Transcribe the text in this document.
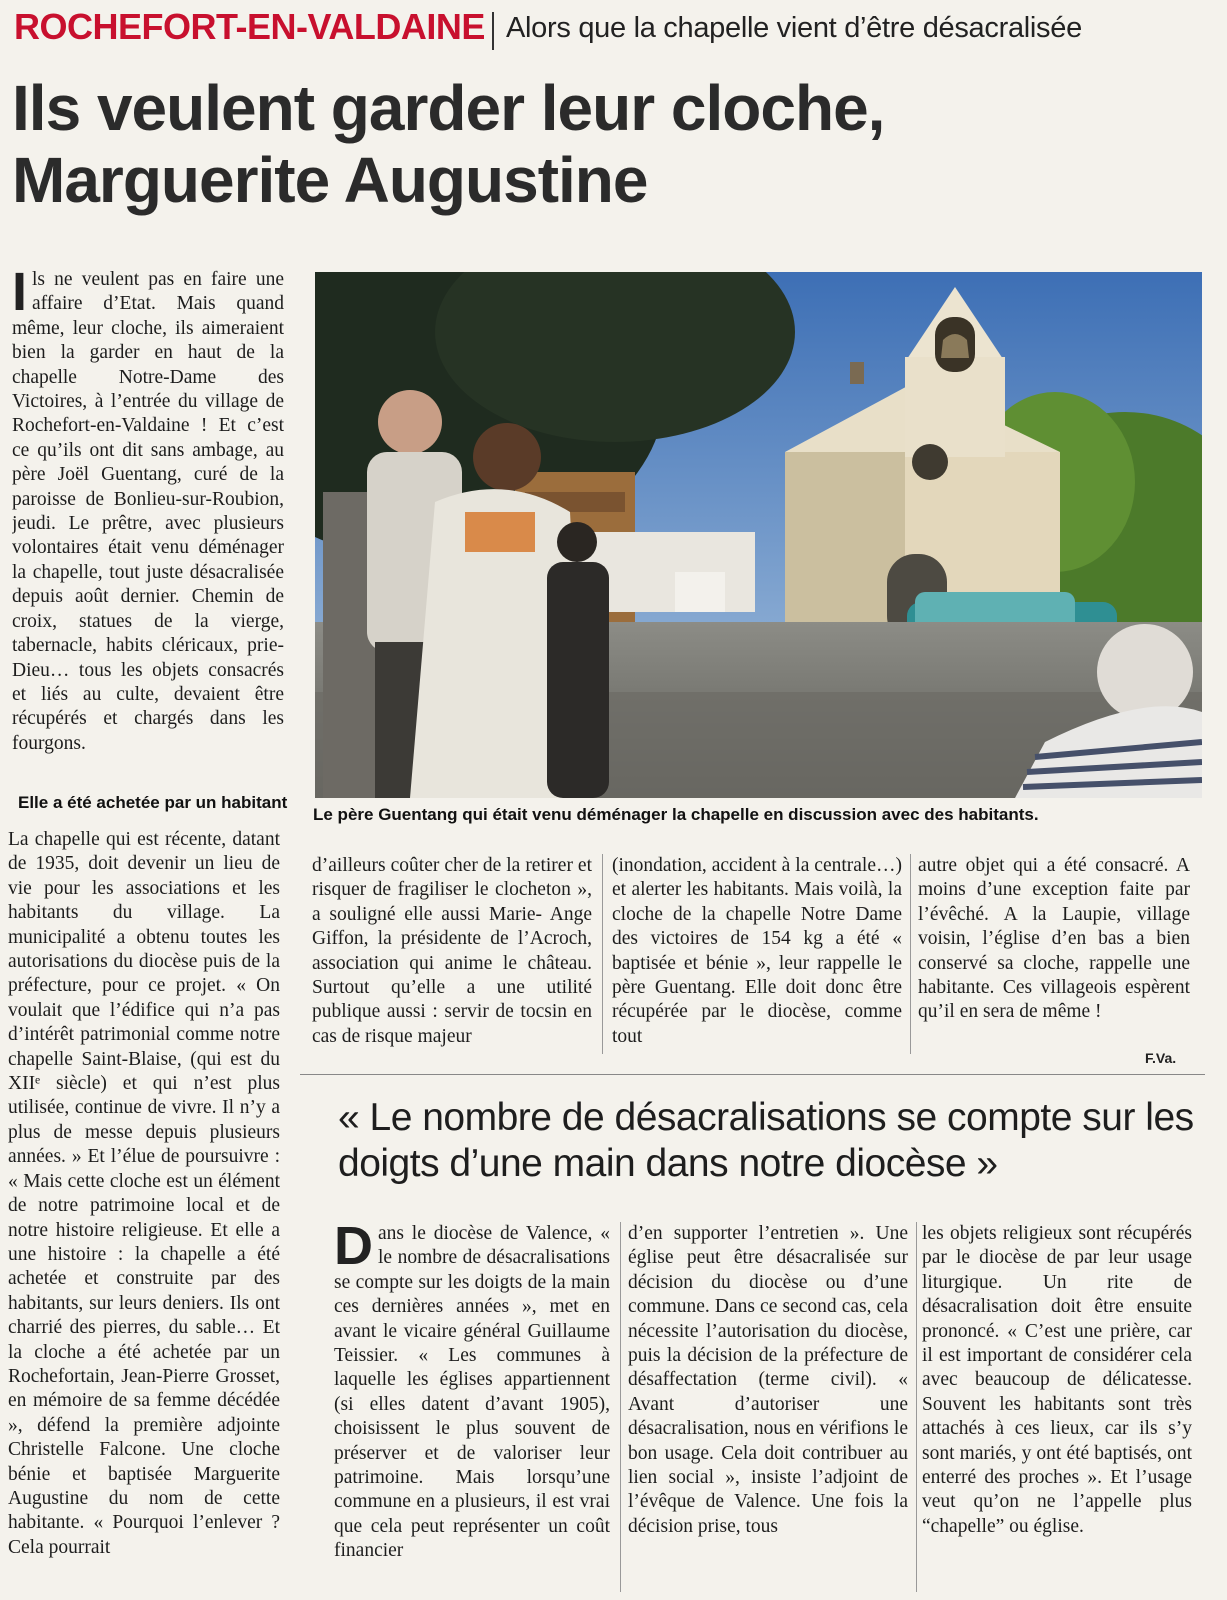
ROCHEFORT-EN-VALDAINE Alors que la chapelle vient d’être désacralisée
Ils veulent garder leur cloche,
Marguerite Augustine
Ils ne veulent pas en faire une affaire d’Etat. Mais quand même, leur cloche, ils aimeraient bien la garder en haut de la chapelle Notre-Dame des Victoires, à l’entrée du village de Rochefort-en-Valdaine ! Et c’est ce qu’ils ont dit sans ambage, au père Joël Guentang, curé de la paroisse de Bonlieu-sur-Roubion, jeudi. Le prêtre, avec plusieurs volontaires était venu déménager la chapelle, tout juste désacralisée depuis août dernier. Chemin de croix, statues de la vierge, tabernacle, habits cléricaux, prie-Dieu… tous les objets consacrés et liés au culte, devaient être récupérés et chargés dans les fourgons.
Elle a été achetée par un habitant
La chapelle qui est récente, datant de 1935, doit devenir un lieu de vie pour les associations et les habitants du village. La municipalité a obtenu toutes les autorisations du diocèse puis de la préfecture, pour ce projet. « On voulait que l’édifice qui n’a pas d’intérêt patrimonial comme notre chapelle Saint-Blaise, (qui est du XIIᵉ siècle) et qui n’est plus utilisée, continue de vivre. Il n’y a plus de messe depuis plusieurs années. » Et l’élue de poursuivre : « Mais cette cloche est un élément de notre patrimoine local et de notre histoire religieuse. Et elle a une histoire : la chapelle a été achetée et construite par des habitants, sur leurs deniers. Ils ont charrié des pierres, du sable… Et la cloche a été achetée par un Rochefortain, Jean-Pierre Grosset, en mémoire de sa femme décédée », défend la première adjointe Christelle Falcone. Une cloche bénie et baptisée Marguerite Augustine du nom de cette habitante. « Pourquoi l’enlever ? Cela pourrait
Le père Guentang qui était venu déménager la chapelle en discussion avec des habitants.
d’ailleurs coûter cher de la retirer et risquer de fragiliser le clocheton », a souligné elle aussi Marie- Ange Giffon, la présidente de l’Acroch, association qui anime le château. Surtout qu’elle a une utilité publique aussi : servir de tocsin en cas de risque majeur
(inondation, accident à la centrale…) et alerter les habitants. Mais voilà, la cloche de la chapelle Notre Dame des victoires de 154 kg a été « baptisée et bénie », leur rappelle le père Guentang. Elle doit donc être récupérée par le diocèse, comme tout
autre objet qui a été consacré. A moins d’une exception faite par l’évêché. A la Laupie, village voisin, l’église d’en bas a bien conservé sa cloche, rappelle une habitante. Ces villageois espèrent qu’il en sera de même !
F.Va.
« Le nombre de désacralisations se compte sur les doigts d’une main dans notre diocèse »
Dans le diocèse de Valence, « le nombre de désacralisations se compte sur les doigts de la main ces dernières années », met en avant le vicaire général Guillaume Teissier. « Les communes à laquelle les églises appartiennent (si elles datent d’avant 1905), choisissent le plus souvent de préserver et de valoriser leur patrimoine. Mais lorsqu’une commune en a plusieurs, il est vrai que cela peut représenter un coût financier
d’en supporter l’entretien ». Une église peut être désacralisée sur décision du diocèse ou d’une commune. Dans ce second cas, cela nécessite l’autorisation du diocèse, puis la décision de la préfecture de désaffectation (terme civil). « Avant d’autoriser une désacralisation, nous en vérifions le bon usage. Cela doit contribuer au lien social », insiste l’adjoint de l’évêque de Valence. Une fois la décision prise, tous
les objets religieux sont récupérés par le diocèse de par leur usage liturgique. Un rite de désacralisation doit être ensuite prononcé. « C’est une prière, car il est important de considérer cela avec beaucoup de délicatesse. Souvent les habitants sont très attachés à ces lieux, car ils s’y sont mariés, y ont été baptisés, ont enterré des proches ». Et l’usage veut qu’on ne l’appelle plus “chapelle” ou église.
